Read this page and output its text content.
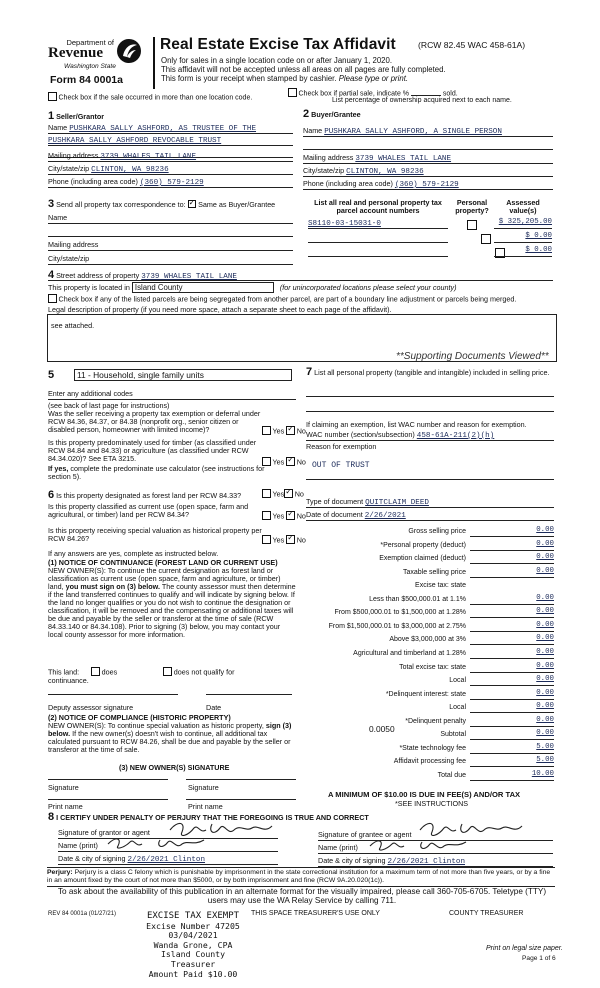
Department of
Revenue
Washington State
Form 84 0001a
Real Estate Excise Tax Affidavit	(RCW 82.45 WAC 458-61A)
Only for sales in a single location code on or after January 1, 2020.
This affidavit will not be accepted unless all areas on all pages are fully completed.
This form is your receipt when stamped by cashier. Please type or print.
Check box if the sale occurred in more than one location code.
Check box if partial sale, indicate %	sold.
List percentage of ownership acquired next to each name.
1 Seller/Grantor
Name PUSHKARA SALLY ASHFORD, AS TRUSTEE OF THE
PUSHKARA SALLY ASHFORD REVOCABLE TRUST
Mailing address 3739 WHALES TAIL LANE
City/state/zip CLINTON, WA 98236
Phone (including area code) (360) 579-2129
2 Buyer/Grantee
Name PUSHKARA SALLY ASHFORD, A SINGLE PERSON
Mailing address 3739 WHALES TAIL LANE
City/state/zip CLINTON, WA 98236
Phone (including area code) (360) 579-2129
3 Send all property tax correspondence to: ✓ Same as Buyer/Grantee
Name
Mailing address
City/state/zip
List all real and personal property tax parcel account numbers
Personal property?
Assessed value(s)
S8110-03-15031-0
	$ 325,205.00

$ 0.00
$ 0.00
4 Street address of property 3739 WHALES TAIL LANE
This property is located in Island County	(for unincorporated locations please select your county)
Check box if any of the listed parcels are being segregated from another parcel, are part of a boundary line adjustment or parcels being merged.
Legal description of property (if you need more space, attach a separate sheet to each page of the affidavit).
see attached.
**Supporting Documents Viewed**
5	11 - Household, single family units
Enter any additional codes
(see back of last page for instructions)
Was the seller receiving a property tax exemption or deferral under RCW 84.36, 84.37, or 84.38 (nonprofit org., senior citizen or disabled person, homeowner with limited income)?	Yes ✓ No
Is this property predominately used for timber (as classified under RCW 84.84 and 84.33) or agriculture (as classified under RCW 84.34.020)? See ETA 3215.	Yes ✓ No
If yes, complete the predominate use calculator (see instructions for section 5).
6 Is this property designated as forest land per RCW 84.33?	Yes ✓ No
Is this property classified as current use (open space, farm and agricultural, or timber) land per RCW 84.34?	Yes ✓ No
Is this property receiving special valuation as historical property per RCW 84.26?	Yes ✓ No
If any answers are yes, complete as instructed below.
(1) NOTICE OF CONTINUANCE (FOREST LAND OR CURRENT USE)
NEW OWNER(S): To continue the current designation as forest land or classification as current use (open space, farm and agriculture, or timber) land, you must sign on (3) below. The county assessor must then determine if the land transferred continues to qualify and will indicate by signing below. If the land no longer qualifies or you do not wish to continue the designation or classification, it will be removed and the compensating or additional taxes will be due and payable by the seller or transferor at the time of sale (RCW 84.33.140 or 84.34.108). Prior to signing (3) below, you may contact your local county assessor for more information.
This land:	does	does not qualify for
continuance.
Deputy assessor signature	Date
(2) NOTICE OF COMPLIANCE (HISTORIC PROPERTY)
NEW OWNER(S): To continue special valuation as historic property, sign (3) below. If the new owner(s) doesn't wish to continue, all additional tax calculated pursuant to RCW 84.26, shall be due and payable by the seller or transferor at the time of sale.
(3) NEW OWNER(S) SIGNATURE
Signature	Signature
Print name	Print name
7 List all personal property (tangible and intangible) included in selling price.
If claiming an exemption, list WAC number and reason for exemption.
WAC number (section/subsection) 458-61A-211(2)(h)
Reason for exemption
OUT OF TRUST
Type of document QUITCLAIM DEED
Date of document 2/26/2021
Gross selling price	0.00
*Personal property (deduct)	0.00
Exemption claimed (deduct)	0.00
Taxable selling price	0.00
Excise tax: state
Less than $500,000.01 at 1.1%	0.00
From $500,000.01 to $1,500,000 at 1.28%	0.00
From $1,500,000.01 to $3,000,000 at 2.75%	0.00
Above $3,000,000 at 3%	0.00
Agricultural and timberland at 1.28%	0.00
Total excise tax: state	0.00
Local	0.00
*Delinquent interest: state	0.00
Local	0.00
*Delinquent penalty	0.00
Subtotal	0.00
*State technology fee	5.00
Affidavit processing fee	5.00
Total due	10.00
0.0050
A MINIMUM OF $10.00 IS DUE IN FEE(S) AND/OR TAX
*SEE INSTRUCTIONS
8 I CERTIFY UNDER PENALTY OF PERJURY THAT THE FOREGOING IS TRUE AND CORRECT
Signature of grantor or agent
Name (print)
Date & city of signing 2/26/2021 Clinton
Signature of grantee or agent
Name (print)
Date & city of signing 2/26/2021 Clinton
Perjury: Perjury is a class C felony which is punishable by imprisonment in the state correctional institution for a maximum term of not more than five years, or by a fine in an amount fixed by the court of not more than $5000, or by both imprisonment and fine (RCW 9A.20.020(1c)).
To ask about the availability of this publication in an alternate format for the visually impaired, please call 360-705-6705. Teletype (TTY) users may use the WA Relay Service by calling 711.
REV 84 0001a (01/27/21)	THIS SPACE TREASURER'S USE ONLY	COUNTY TREASURER
EXCISE TAX EXEMPT
Excise Number 47205
03/04/2021
Wanda Grone, CPA
Island County Treasurer
Amount Paid $10.00
Print on legal size paper.
Page 1 of 6
